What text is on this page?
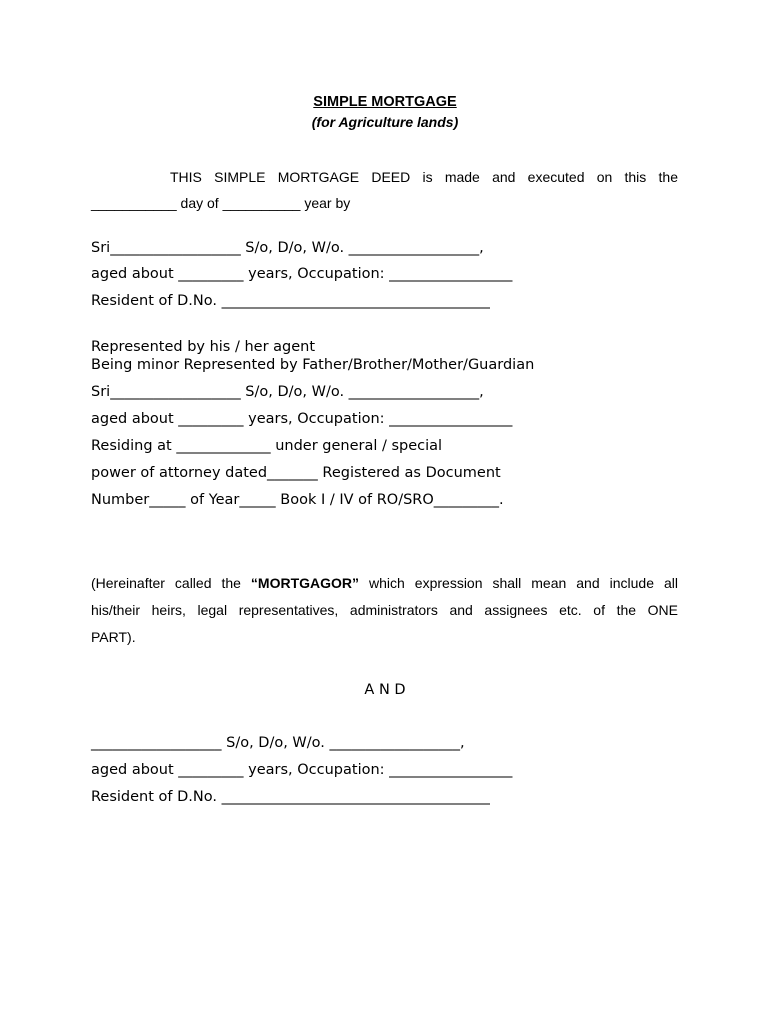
SIMPLE MORTGAGE
(for Agriculture lands)
THIS SIMPLE MORTGAGE DEED is made and executed on this the
___________ day of __________ year by
Sri__________________ S/o, D/o, W/o. __________________,
aged about _________ years, Occupation: _________________
Resident of D.No. _____________________________________
Represented by his / her agent
Being minor Represented by Father/Brother/Mother/Guardian
Sri__________________ S/o, D/o, W/o. __________________,
aged about _________ years, Occupation: _________________
Residing at _____________ under general / special
power of attorney dated_______ Registered as Document
Number_____ of Year_____ Book I / IV of RO/SRO_________.
(Hereinafter called the “MORTGAGOR” which expression shall mean and include all
his/their heirs, legal representatives, administrators and assignees etc. of the ONE
PART).
A N D
__________________ S/o, D/o, W/o. __________________,
aged about _________ years, Occupation: _________________
Resident of D.No. _____________________________________
